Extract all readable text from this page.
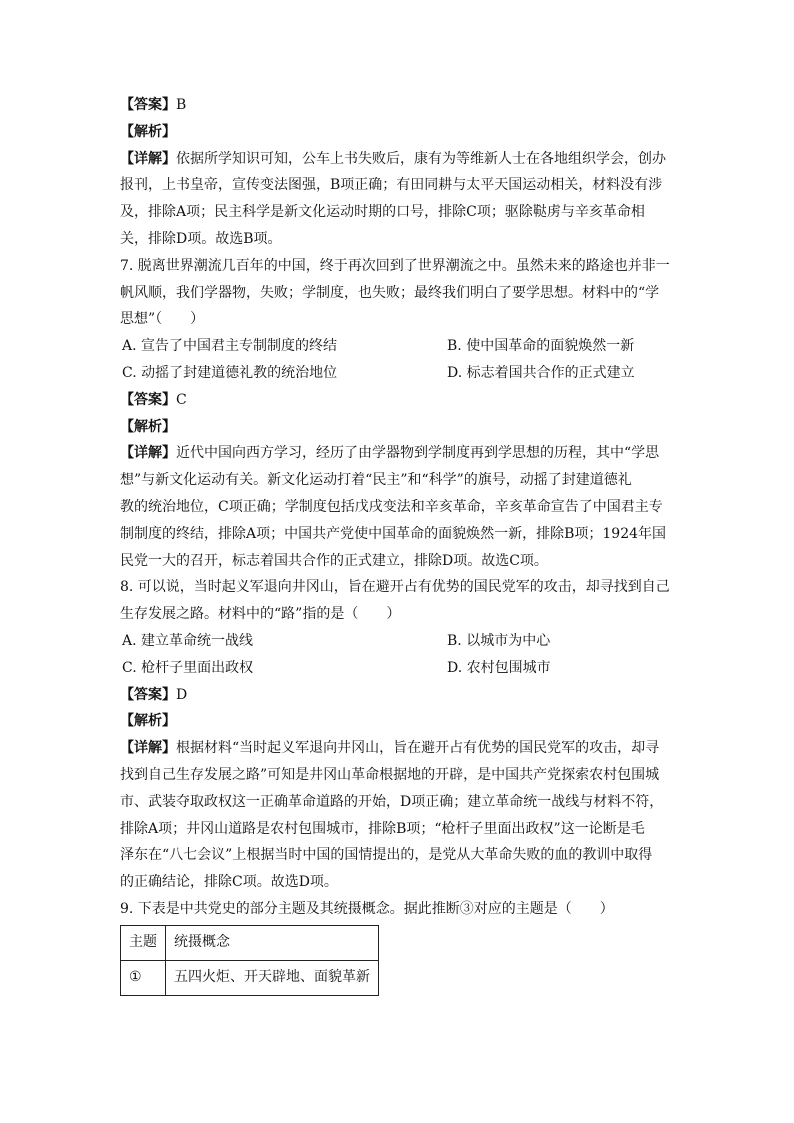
【答案】B
【解析】
【详解】依据所学知识可知，公车上书失败后，康有为等维新人士在各地组织学会，创办
报刊，上书皇帝，宣传变法图强，B项正确；有田同耕与太平天国运动相关，材料没有涉
及，排除A项；民主科学是新文化运动时期的口号，排除C项；驱除鞑虏与辛亥革命相
关，排除D项。故选B项。
7. 脱离世界潮流几百年的中国，终于再次回到了世界潮流之中。虽然未来的路途也并非一
帆风顺，我们学器物，失败；学制度，也失败；最终我们明白了要学思想。材料中的“学
思想”（　　）
A. 宣告了中国君主专制制度的终结	B. 使中国革命的面貌焕然一新
C. 动摇了封建道德礼教的统治地位	D. 标志着国共合作的正式建立
【答案】C
【解析】
【详解】近代中国向西方学习，经历了由学器物到学制度再到学思想的历程，其中“学思
想”与新文化运动有关。新文化运动打着“民主”和“科学”的旗号，动摇了封建道德礼
教的统治地位，C项正确；学制度包括戊戌变法和辛亥革命，辛亥革命宣告了中国君主专
制制度的终结，排除A项；中国共产党使中国革命的面貌焕然一新，排除B项；1924年国
民党一大的召开，标志着国共合作的正式建立，排除D项。故选C项。
8. 可以说，当时起义军退向井冈山，旨在避开占有优势的国民党军的攻击，却寻找到自己
生存发展之路。材料中的“路”指的是（　　）
A. 建立革命统一战线	B. 以城市为中心
C. 枪杆子里面出政权	D. 农村包围城市
【答案】D
【解析】
【详解】根据材料“当时起义军退向井冈山，旨在避开占有优势的国民党军的攻击，却寻
找到自己生存发展之路”可知是井冈山革命根据地的开辟，是中国共产党探索农村包围城
市、武装夺取政权这一正确革命道路的开始，D项正确；建立革命统一战线与材料不符，
排除A项；井冈山道路是农村包围城市，排除B项；“枪杆子里面出政权”这一论断是毛
泽东在“八七会议”上根据当时中国的国情提出的，是党从大革命失败的血的教训中取得
的正确结论，排除C项。故选D项。
9. 下表是中共党史的部分主题及其统摄概念。据此推断③对应的主题是（　　）
主题	统摄概念
①	五四火炬、开天辟地、面貌革新
